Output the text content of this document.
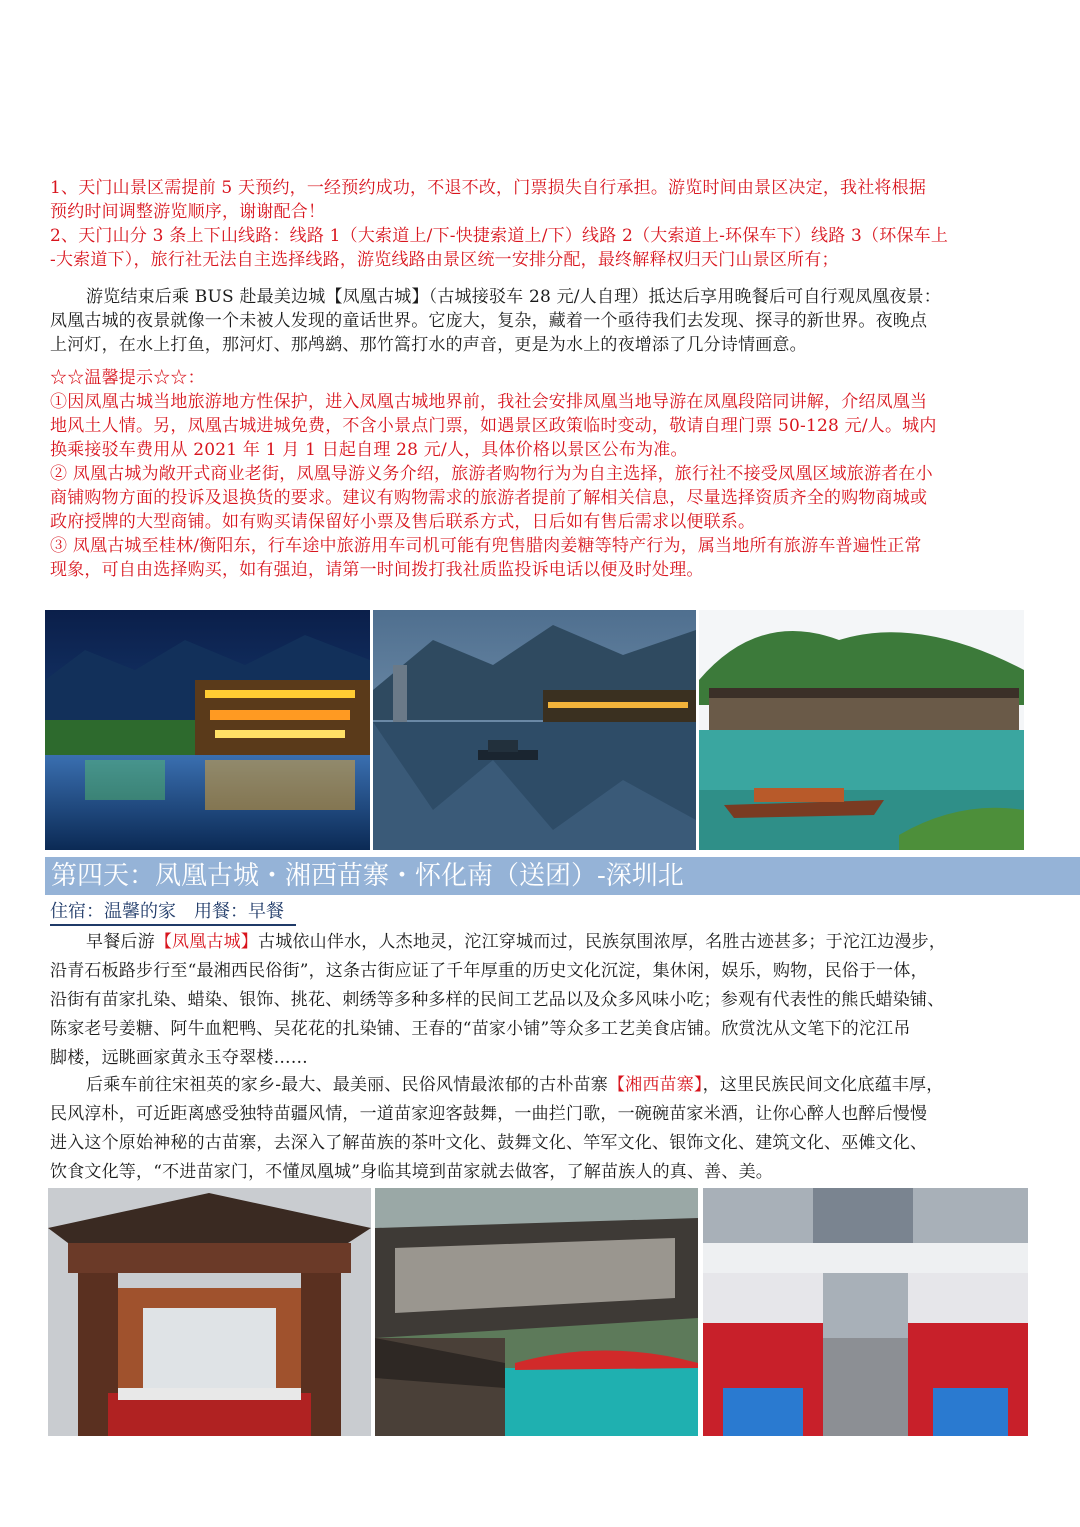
1、天门山景区需提前 5 天预约，一经预约成功，不退不改，门票损失自行承担。游览时间由景区决定，我社将根据

预约时间调整游览顺序，谢谢配合！

2、天门山分 3 条上下山线路：线路 1（大索道上/下-快捷索道上/下）线路 2（大索道上-环保车下）线路 3（环保车上

-大索道下），旅行社无法自主选择线路，游览线路由景区统一安排分配，最终解释权归天门山景区所有；

游览结束后乘 BUS 赴最美边城【凤凰古城】（古城接驳车 28 元/人自理）抵达后享用晚餐后可自行观凤凰夜景：

凤凰古城的夜景就像一个未被人发现的童话世界。它庞大，复杂，藏着一个亟待我们去发现、探寻的新世界。夜晚点

上河灯，在水上打鱼，那河灯、那鸬鹚、那竹篙打水的声音，更是为水上的夜增添了几分诗情画意。

☆☆温馨提示☆☆：

①因凤凰古城当地旅游地方性保护，进入凤凰古城地界前，我社会安排凤凰当地导游在凤凰段陪同讲解，介绍凤凰当

地风土人情。另，凤凰古城进城免费，不含小景点门票，如遇景区政策临时变动，敬请自理门票 50-128 元/人。城内

换乘接驳车费用从 2021 年 1 月 1 日起自理 28 元/人，具体价格以景区公布为准。

② 凤凰古城为敞开式商业老街，凤凰导游义务介绍，旅游者购物行为为自主选择，旅行社不接受凤凰区域旅游者在小

商铺购物方面的投诉及退换货的要求。建议有购物需求的旅游者提前了解相关信息，尽量选择资质齐全的购物商城或

政府授牌的大型商铺。如有购买请保留好小票及售后联系方式，日后如有售后需求以便联系。

③ 凤凰古城至桂林/衡阳东，行车途中旅游用车司机可能有兜售腊肉姜糖等特产行为，属当地所有旅游车普遍性正常

现象，可自由选择购买，如有强迫，请第一时间拨打我社质监投诉电话以便及时处理。

第四天：凤凰古城・湘西苗寨・怀化南（送团）-深圳北
住宿：温馨的家　用餐：早餐

早餐后游【凤凰古城】古城依山伴水，人杰地灵，沱江穿城而过，民族氛围浓厚，名胜古迹甚多；于沱江边漫步，

沿青石板路步行至“最湘西民俗街”，这条古街应证了千年厚重的历史文化沉淀，集休闲，娱乐，购物，民俗于一体，

沿街有苗家扎染、蜡染、银饰、挑花、刺绣等多种多样的民间工艺品以及众多风味小吃；参观有代表性的熊氏蜡染铺、

陈家老号姜糖、阿牛血粑鸭、吴花花的扎染铺、王春的“苗家小铺”等众多工艺美食店铺。欣赏沈从文笔下的沱江吊

脚楼，远眺画家黄永玉夺翠楼……

后乘车前往宋祖英的家乡-最大、最美丽、民俗风情最浓郁的古朴苗寨【湘西苗寨】，这里民族民间文化底蕴丰厚，

民风淳朴，可近距离感受独特苗疆风情，一道苗家迎客鼓舞，一曲拦门歌，一碗碗苗家米酒，让你心醉人也醉后慢慢

进入这个原始神秘的古苗寨，去深入了解苗族的茶叶文化、鼓舞文化、竿军文化、银饰文化、建筑文化、巫傩文化、

饮食文化等，“不进苗家门，不懂凤凰城”身临其境到苗家就去做客，了解苗族人的真、善、美。
